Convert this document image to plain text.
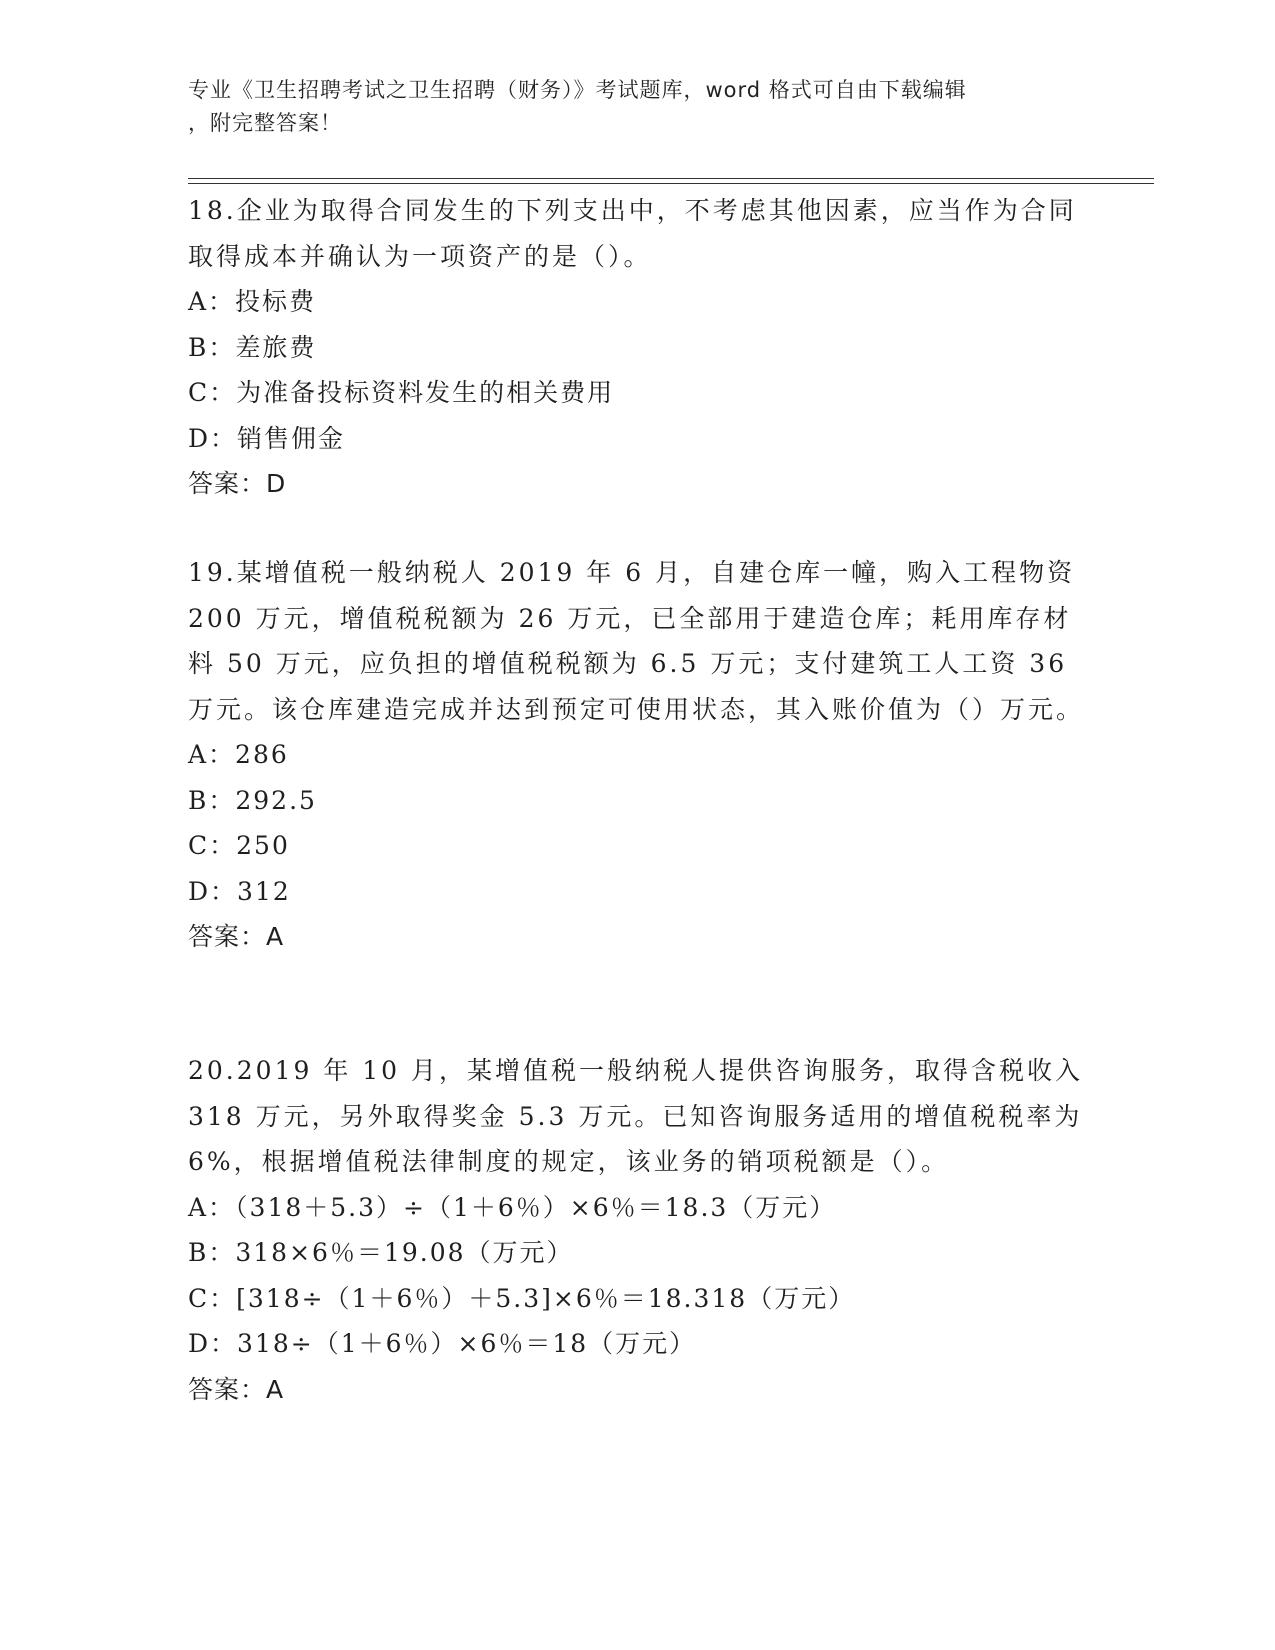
专业《卫生招聘考试之卫生招聘（财务）》考试题库，word 格式可自由下载编辑
，附完整答案！
18.企业为取得合同发生的下列支出中，不考虑其他因素，应当作为合同取得成本并确认为一项资产的是（）。
A：投标费
B：差旅费
C：为准备投标资料发生的相关费用
D：销售佣金
答案：D
19.某增值税一般纳税人 2019 年 6 月，自建仓库一幢，购入工程物资 200 万元，增值税税额为 26 万元，已全部用于建造仓库；耗用库存材料 50 万元，应负担的增值税税额为 6.5 万元；支付建筑工人工资 36 万元。该仓库建造完成并达到预定可使用状态，其入账价值为（）万元。
A：286
B：292.5
C：250
D：312
答案：A
20.2019 年 10 月，某增值税一般纳税人提供咨询服务，取得含税收入 318 万元，另外取得奖金 5.3 万元。已知咨询服务适用的增值税税率为 6%，根据增值税法律制度的规定，该业务的销项税额是（）。
A：（318＋5.3）÷（1＋6％）×6％＝18.3（万元）
B：318×6％＝19.08（万元）
C：[318÷（1＋6％）＋5.3]×6％＝18.318（万元）
D：318÷（1＋6％）×6％＝18（万元）
答案：A
